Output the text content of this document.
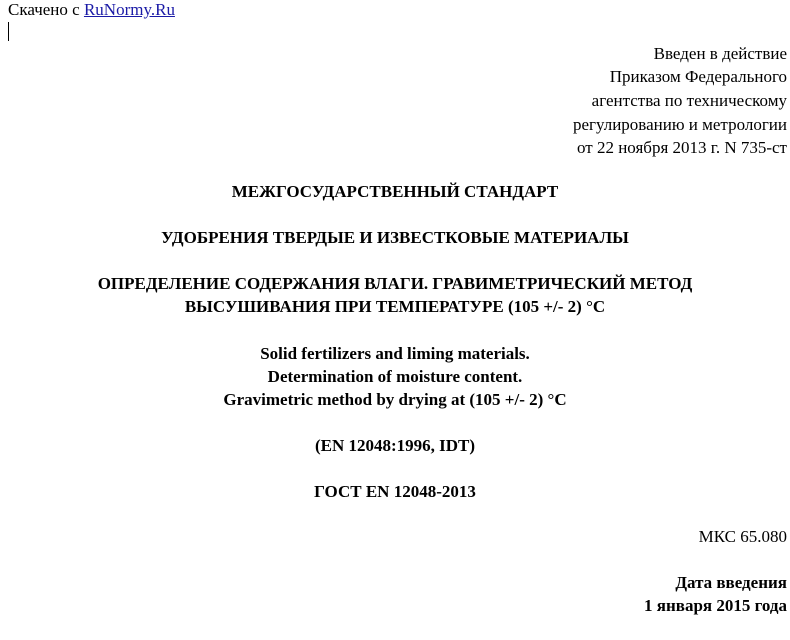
Скачено с RuNormy.Ru
Введен в действие
Приказом Федерального
агентства по техническому
регулированию и метрологии
от 22 ноября 2013 г. N 735-ст
МЕЖГОСУДАРСТВЕННЫЙ СТАНДАРТ
УДОБРЕНИЯ ТВЕРДЫЕ И ИЗВЕСТКОВЫЕ МАТЕРИАЛЫ
ОПРЕДЕЛЕНИЕ СОДЕРЖАНИЯ ВЛАГИ. ГРАВИМЕТРИЧЕСКИЙ МЕТОД
ВЫСУШИВАНИЯ ПРИ ТЕМПЕРАТУРЕ (105 +/- 2) °C
Solid fertilizers and liming materials.
Determination of moisture content.
Gravimetric method by drying at (105 +/- 2) °C
(EN 12048:1996, IDT)
ГОСТ EN 12048-2013
МКС 65.080
Дата введения
1 января 2015 года
